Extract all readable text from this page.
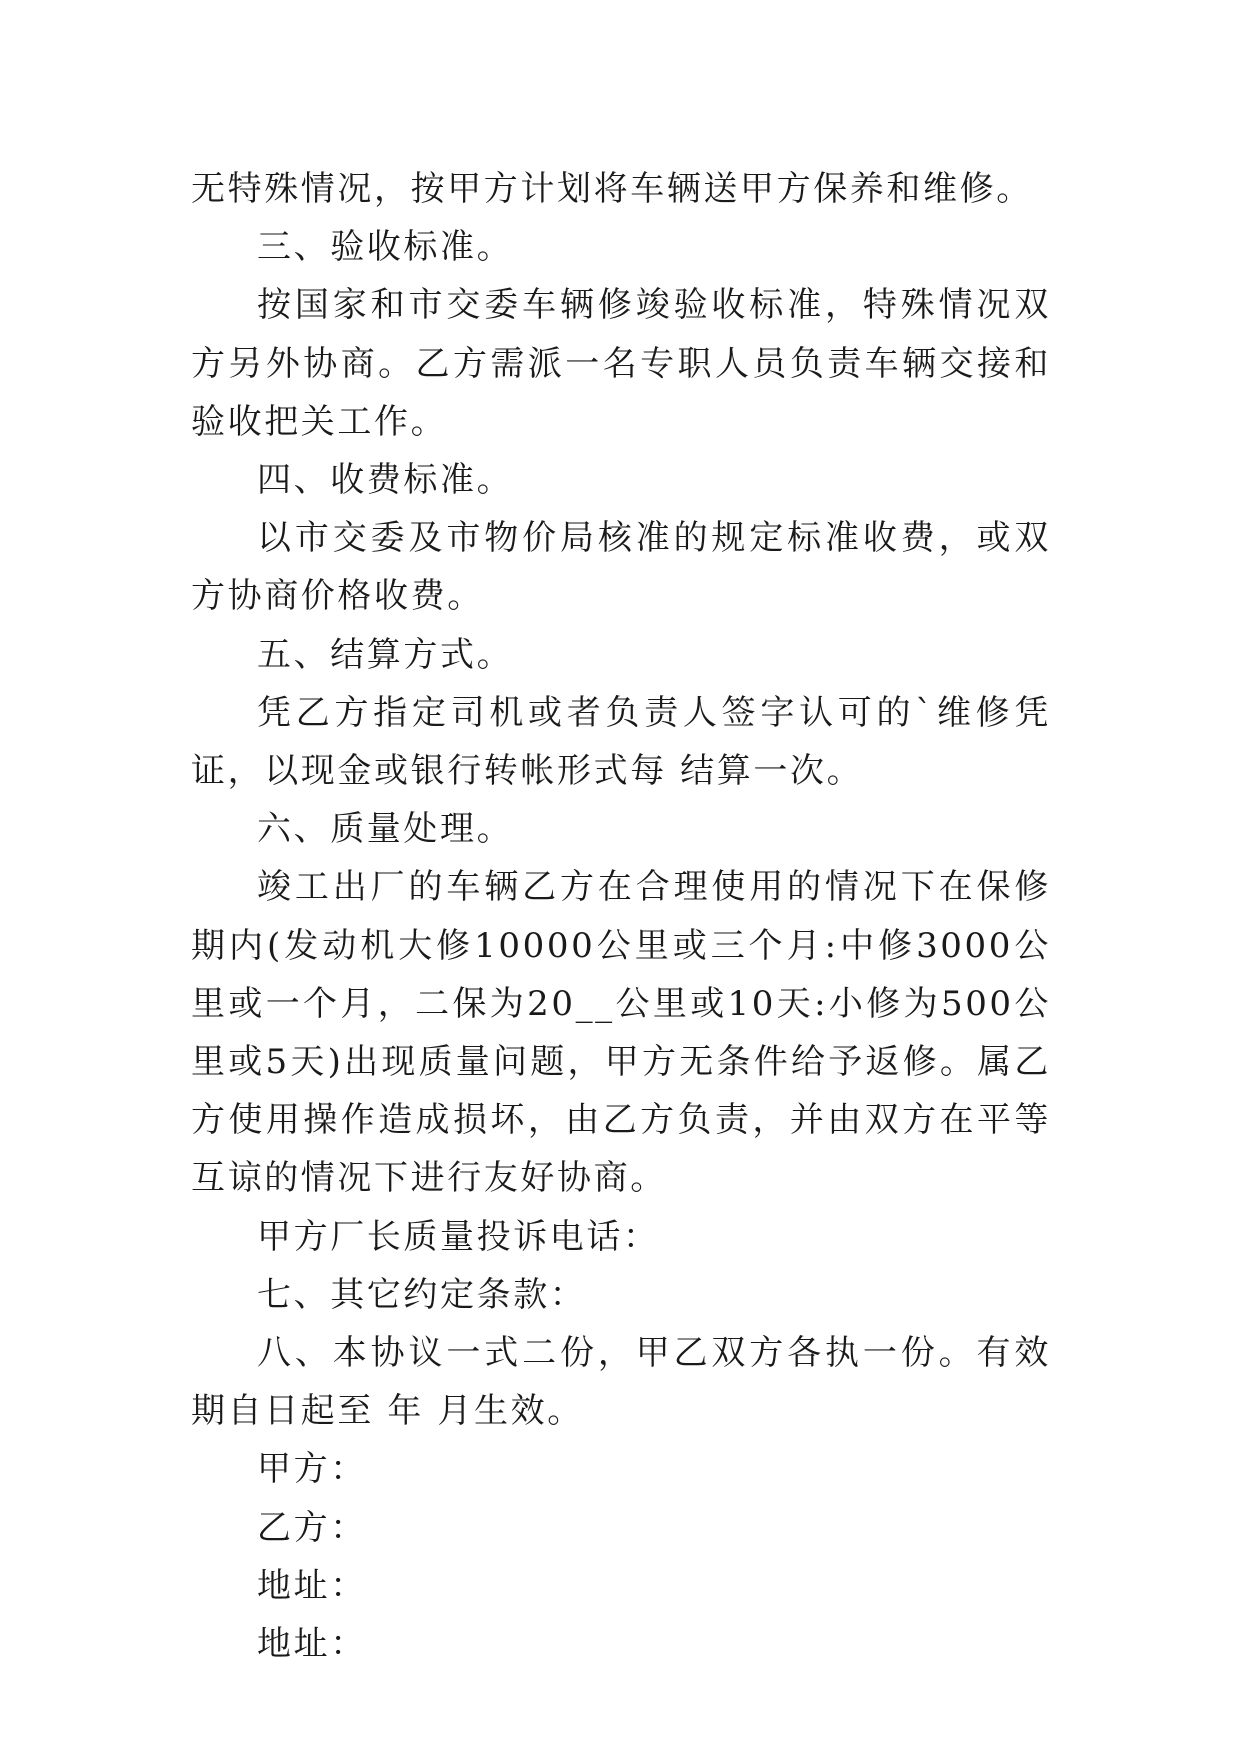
无特殊情况，按甲方计划将车辆送甲方保养和维修。

三、验收标准。

按国家和市交委车辆修竣验收标准，特殊情况双方另外协商。乙方需派一名专职人员负责车辆交接和验收把关工作。

四、收费标准。

以市交委及市物价局核准的规定标准收费，或双方协商价格收费。

五、结算方式。

凭乙方指定司机或者负责人签字认可的`维修凭证，以现金或银行转帐形式每 结算一次。

六、质量处理。

竣工出厂的车辆乙方在合理使用的情况下在保修期内(发动机大修10000公里或三个月:中修3000公里或一个月，二保为20__公里或10天:小修为500公里或5天)出现质量问题，甲方无条件给予返修。属乙方使用操作造成损坏，由乙方负责，并由双方在平等互谅的情况下进行友好协商。

甲方厂长质量投诉电话：

七、其它约定条款：

八、本协议一式二份，甲乙双方各执一份。有效期自日起至 年 月生效。

甲方：

乙方：

地址：

地址：
